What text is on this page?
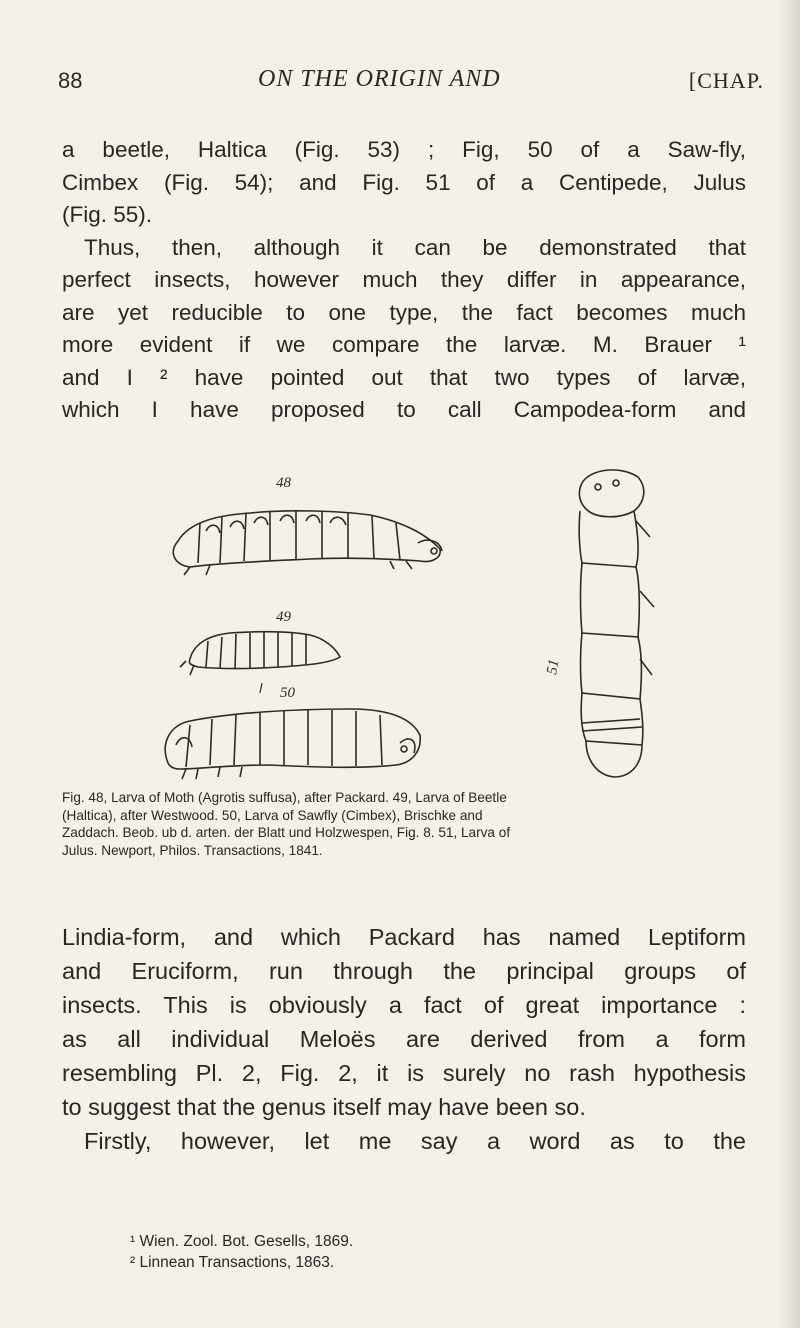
88	ON THE ORIGIN AND	[CHAP.
a beetle, Haltica (Fig. 53) ; Fig, 50 of a Saw-fly,
Cimbex (Fig. 54); and Fig. 51 of a Centipede, Julus
(Fig. 55).
Thus, then, although it can be demonstrated that
perfect insects, however much they differ in appearance,
are yet reducible to one type, the fact becomes much
more evident if we compare the larvæ. M. Brauer ¹
and I ² have pointed out that two types of larvæ,
which I have proposed to call Campodea-form and
48
49
50
51
Fig. 48, Larva of Moth (Agrotis suffusa), after Packard. 49, Larva of Beetle
(Haltica), after Westwood. 50, Larva of Sawfly (Cimbex), Brischke and
Zaddach. Beob. ub d. arten. der Blatt und Holzwespen, Fig. 8. 51, Larva of
Julus. Newport, Philos. Transactions, 1841.
Lindia-form, and which Packard has named Leptiform
and Eruciform, run through the principal groups of
insects. This is obviously a fact of great importance :
as all individual Meloës are derived from a form
resembling Pl. 2, Fig. 2, it is surely no rash hypothesis
to suggest that the genus itself may have been so.
Firstly, however, let me say a word as to the
¹ Wien. Zool. Bot. Gesells, 1869.
² Linnean Transactions, 1863.
